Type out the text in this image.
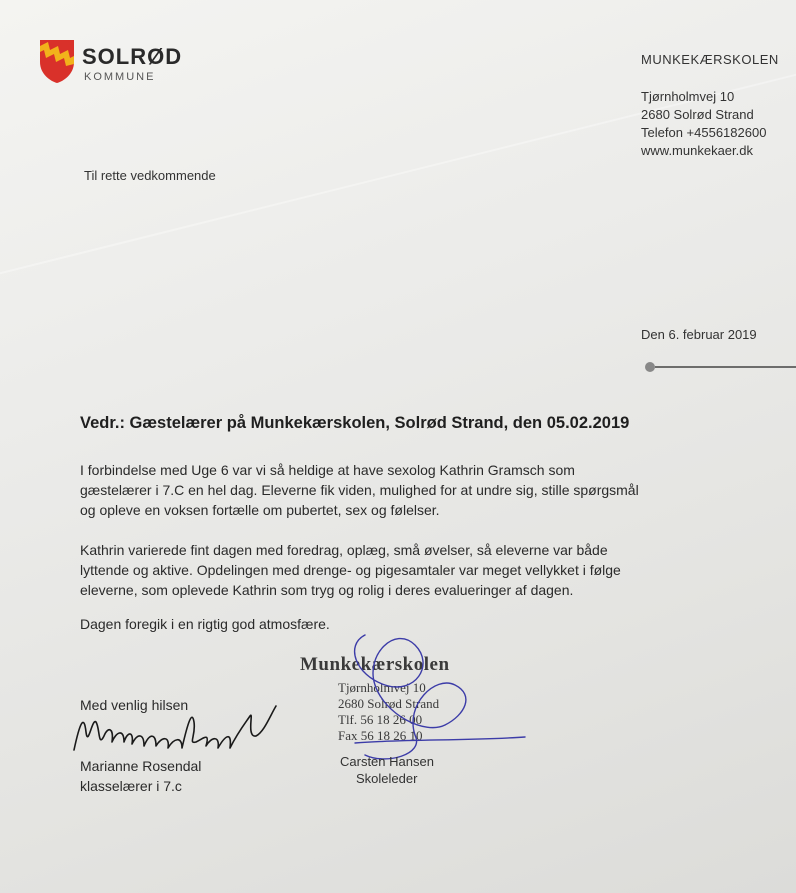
SOLRØD
KOMMUNE
MUNKEKÆRSKOLEN
Tjørnholmvej 10
2680 Solrød Strand
Telefon +4556182600
www.munkekaer.dk
Til rette vedkommende
Den 6. februar 2019
Vedr.: Gæstelærer på Munkekærskolen, Solrød Strand, den 05.02.2019

I forbindelse med Uge 6 var vi så heldige at have sexolog Kathrin Gramsch som gæstelærer i 7.C en hel dag. Eleverne fik viden, mulighed for at undre sig, stille spørgsmål og opleve en voksen fortælle om pubertet, sex og følelser.

Kathrin varierede fint dagen med foredrag, oplæg, små øvelser, så eleverne var både lyttende og aktive. Opdelingen med drenge- og pigesamtaler var meget vellykket i følge eleverne, som oplevede Kathrin som tryg og rolig i deres evalueringer af dagen.

Dagen foregik i en rigtig god atmosfære.

Med venlig hilsen
Marianne Rosendal
klasselærer i 7.c
Munkekærskolen
Tjørnholmvej 10
2680 Solrød Strand
Tlf. 56 18 26 00
Fax 56 18 26 10
Carsten Hansen
Skoleleder
